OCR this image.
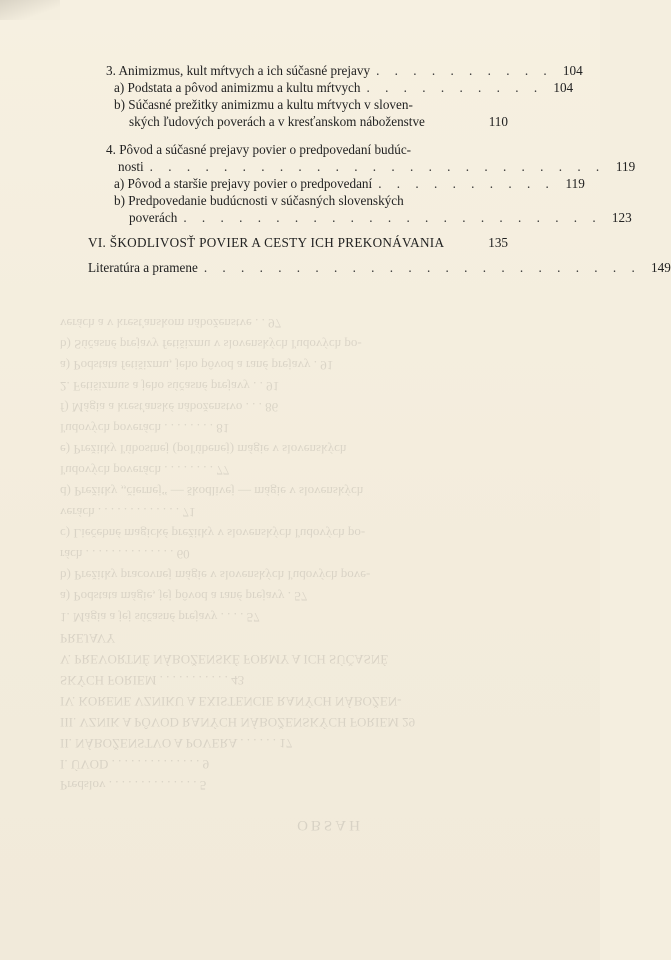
OBSAH
Predslov . . . . . . . . . . . . . . 5
I. ÚVOD . . . . . . . . . . . . . . 9
II. NÁBOŽENSTVO A POVERA . . . . . . 17
III. VZNIK A PÔVOD RANÝCH NÁBOŽENSKÝCH FORIEM 29
IV. KORENE VZNIKU A EXISTENCIE RANÝCH NÁBOŽEN-
SKÝCH FORIEM . . . . . . . . . . . 43
V. PREVORTNÉ NÁBOŽENSKÉ FORMY A ICH SÚČASNÉ
PREJAVY
1. Mágia a jej súčasné prejavy . . . . 57
a) Podstata mágie, jej pôvod a rané prejavy . 57
b) Prežitky pracovnej mágie v slovenských ľudových pove-
rách . . . . . . . . . . . . . . 60
c) Liečebné magické prežitky v slovenských ľudových po-
verách . . . . . . . . . . . . . 71
d) Prežitky „čiernej“ — škodlivej — mágie v slovenských
ľudových poverách . . . . . . . . 77
e) Prežitky ľúbostnej (poľúbenej) mágie v slovenských
ľudových poverách . . . . . . . . 81
f) Mágia a kresťanské náboženstvo . . . 86
2. Fetišizmus a jeho súčasné prejavy . . 91
a) Podstata fetišizmu, jeho pôvod a rané prejavy . 91
b) Súčasné prejavy fetišizmu v slovenských ľudových po-
verách a v kresťanskom náboženstve . . 97
3. Animizmus, kult mŕtvych a ich súčasné prejavy . . . . . . . . . . 104
a) Podstata a pôvod animizmu a kultu mŕtvych . . . . . . . . . . 104
b) Súčasné prežitky animizmu a kultu mŕtvych v sloven-
ských ľudových poverách a v kresťanskom náboženstve	110
4. Pôvod a súčasné prejavy povier o predpovedaní budúc-
nosti . . . . . . . . . . . . . . . . . . . . . . . . . 119
a) Pôvod a staršie prejavy povier o predpovedaní . . . . . . . . . . 119
b) Predpovedanie budúcnosti v súčasných slovenských
poverách . . . . . . . . . . . . . . . . . . . . . . . 123
VI. ŠKODLIVOSŤ POVIER A CESTY ICH PREKONÁVANIA	135
Literatúra a pramene . . . . . . . . . . . . . . . . . . . . . . . . 149
